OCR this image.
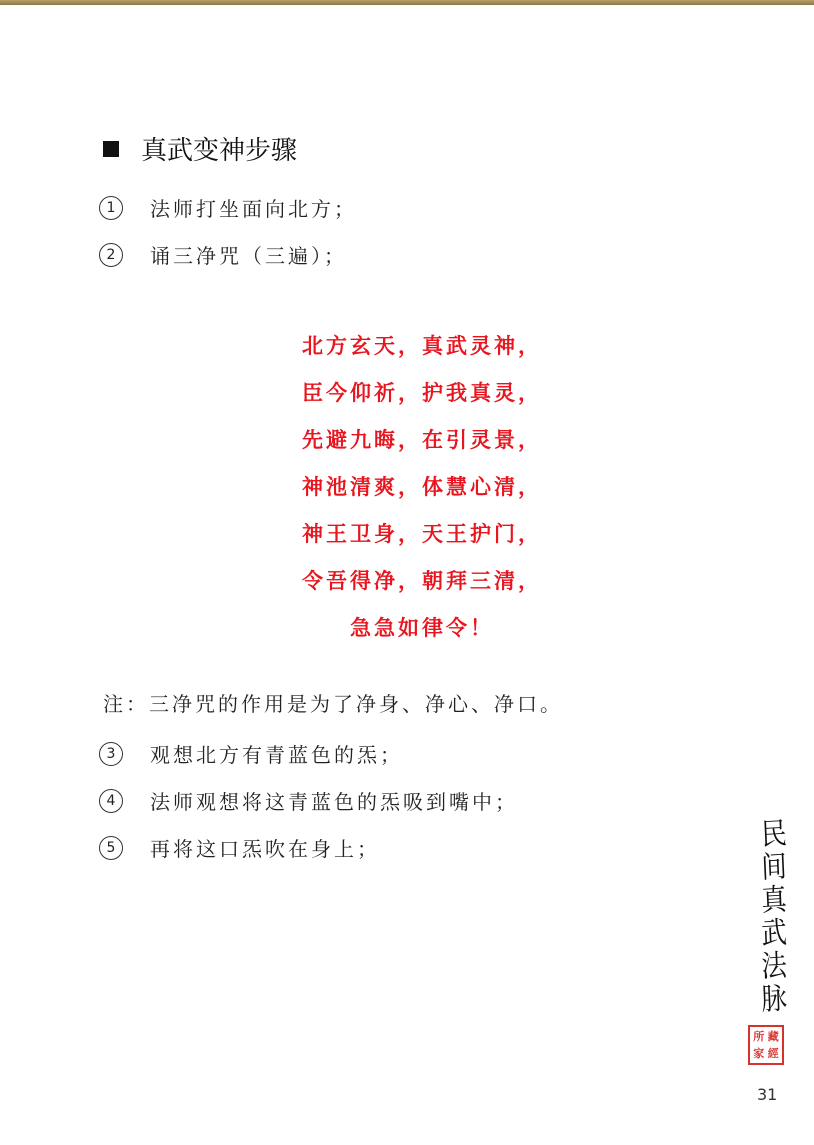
真武变神步骤
1	法师打坐面向北方；
2	诵三净咒（三遍）；
北方玄天，真武灵神，
臣今仰祈，护我真灵，
先避九晦，在引灵景，
神池清爽，体慧心清，
神王卫身，天王护门，
令吾得净，朝拜三清，
急急如律令！
注：三净咒的作用是为了净身、净心、净口。
3	观想北方有青蓝色的炁；
4	法师观想将这青蓝色的炁吸到嘴中；
5	再将这口炁吹在身上；	民
间
真
武
法
脉
所 藏
家 經
31
